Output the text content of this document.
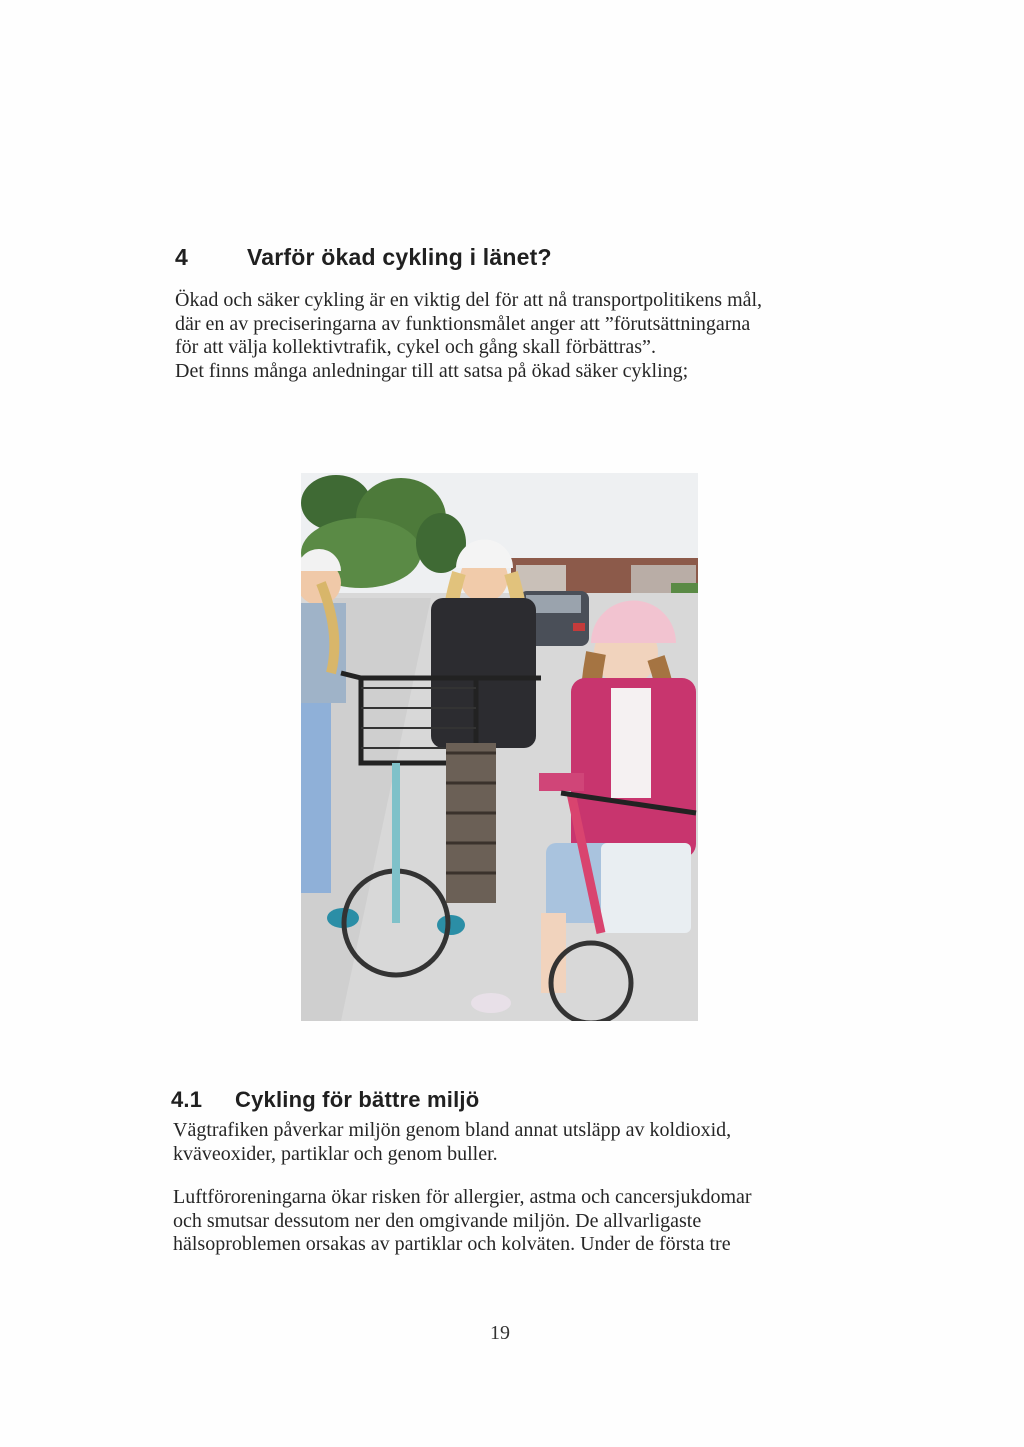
4	Varför ökad cykling i länet?

Ökad och säker cykling är en viktig del för att nå transportpolitikens mål,
där en av preciseringarna av funktionsmålet anger att ”förutsättningarna
för att välja kollektivtrafik, cykel och gång skall förbättras”.
Det finns många anledningar till att satsa på ökad säker cykling;

4.1 Cykling för bättre miljö

Vägtrafiken påverkar miljön genom bland annat utsläpp av koldioxid,
kväveoxider, partiklar och genom buller.

Luftföroreningarna ökar risken för allergier, astma och cancersjukdomar
och smutsar dessutom ner den omgivande miljön. De allvarligaste
hälsoproblemen orsakas av partiklar och kolväten. Under de första tre

19
